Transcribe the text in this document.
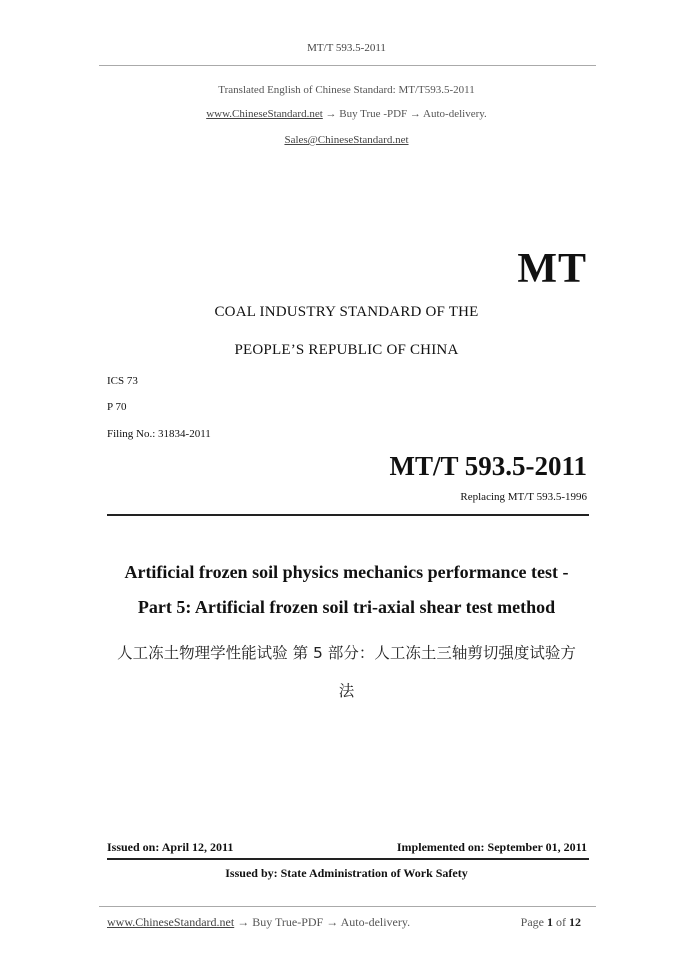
MT/T 593.5-2011
Translated English of Chinese Standard: MT/T593.5-2011
www.ChineseStandard.net → Buy True -PDF → Auto-delivery.
Sales@ChineseStandard.net
MT
COAL INDUSTRY STANDARD OF THE
PEOPLE’S REPUBLIC OF CHINA
ICS 73
P 70
Filing No.: 31834-2011
MT/T 593.5-2011
Replacing MT/T 593.5-1996
Artificial frozen soil physics mechanics performance test -
Part 5: Artificial frozen soil tri-axial shear test method
人工冻土物理学性能试验 第 5 部分：人工冻土三轴剪切强度试验方
法
Issued on: April 12, 2011	Implemented on: September 01, 2011
Issued by: State Administration of Work Safety
www.ChineseStandard.net → Buy True-PDF → Auto-delivery.	Page 1 of 12
